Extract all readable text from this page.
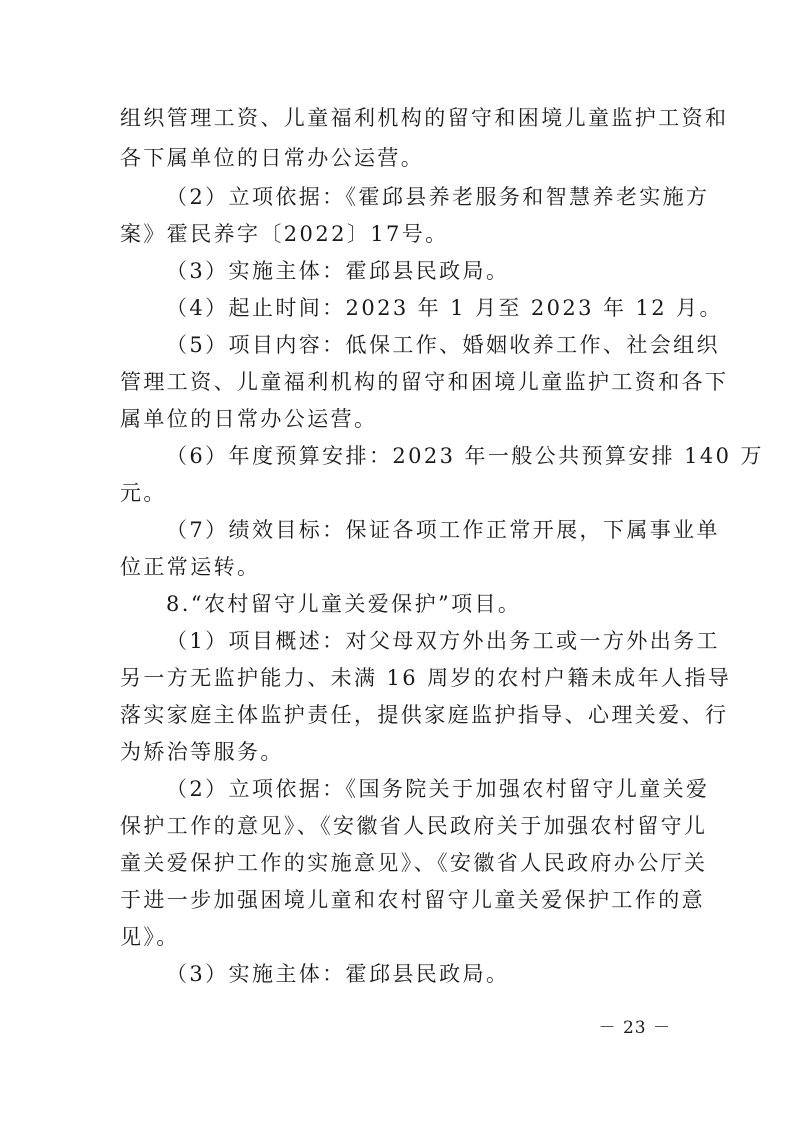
组织管理工资、儿童福利机构的留守和困境儿童监护工资和
各下属单位的日常办公运营。
（2）立项依据：《霍邱县养老服务和智慧养老实施方
案》霍民养字〔2022〕17号。
（3）实施主体：霍邱县民政局。
（4）起止时间：2023 年 1 月至 2023 年 12 月。
（5）项目内容：低保工作、婚姻收养工作、社会组织
管理工资、儿童福利机构的留守和困境儿童监护工资和各下
属单位的日常办公运营。
（6）年度预算安排：2023 年一般公共预算安排 140 万
元。
（7）绩效目标：保证各项工作正常开展，下属事业单
位正常运转。
8.“农村留守儿童关爱保护”项目。
（1）项目概述：对父母双方外出务工或一方外出务工
另一方无监护能力、未满 16 周岁的农村户籍未成年人指导
落实家庭主体监护责任，提供家庭监护指导、心理关爱、行
为矫治等服务。
（2）立项依据：《国务院关于加强农村留守儿童关爱
保护工作的意见》、《安徽省人民政府关于加强农村留守儿
童关爱保护工作的实施意见》、《安徽省人民政府办公厅关
于进一步加强困境儿童和农村留守儿童关爱保护工作的意
见》。
（3）实施主体：霍邱县民政局。
－ 23 －
